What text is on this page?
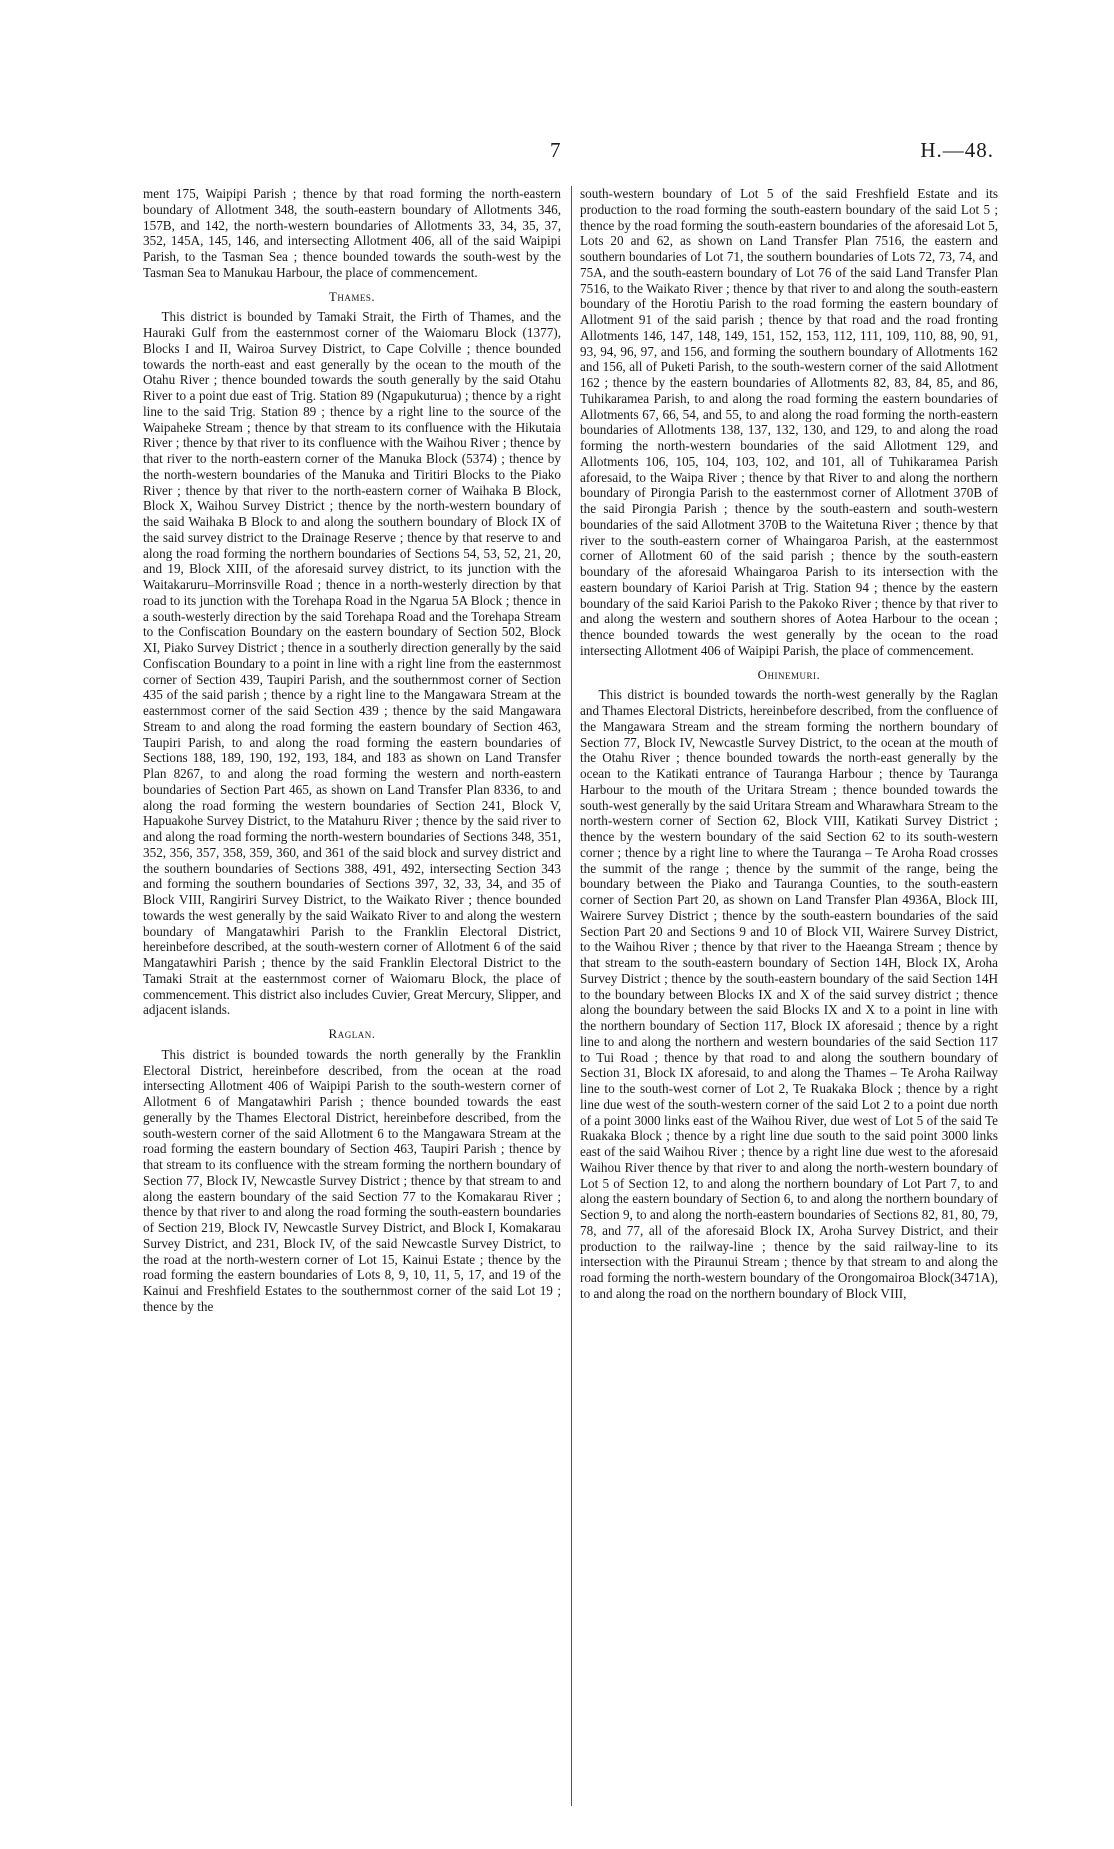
7	H.—48.

ment 175, Waipipi Parish ; thence by that road forming the north-eastern boundary of Allotment 348, the south-eastern boundary of Allotments 346, 157B, and 142, the north-western boundaries of Allotments 33, 34, 35, 37, 352, 145A, 145, 146, and intersecting Allotment 406, all of the said Waipipi Parish, to the Tasman Sea ; thence bounded towards the south-west by the Tasman Sea to Manukau Harbour, the place of commencement.

Thames.

This district is bounded by Tamaki Strait, the Firth of Thames, and the Hauraki Gulf from the easternmost corner of the Waiomaru Block (1377), Blocks I and II, Wairoa Survey District, to Cape Colville ; thence bounded towards the north-east and east generally by the ocean to the mouth of the Otahu River ; thence bounded towards the south generally by the said Otahu River to a point due east of Trig. Station 89 (Ngapukuturua) ; thence by a right line to the said Trig. Station 89 ; thence by a right line to the source of the Waipaheke Stream ; thence by that stream to its confluence with the Hikutaia River ; thence by that river to its confluence with the Waihou River ; thence by that river to the north-eastern corner of the Manuka Block (5374) ; thence by the north-western boundaries of the Manuka and Tiritiri Blocks to the Piako River ; thence by that river to the north-eastern corner of Waihaka B Block, Block X, Waihou Survey District ; thence by the north-western boundary of the said Waihaka B Block to and along the southern boundary of Block IX of the said survey district to the Drainage Reserve ; thence by that reserve to and along the road forming the northern boundaries of Sections 54, 53, 52, 21, 20, and 19, Block XIII, of the aforesaid survey district, to its junction with the Waitakaruru–Morrinsville Road ; thence in a north-westerly direction by that road to its junction with the Torehapa Road in the Ngarua 5A Block ; thence in a south-westerly direction by the said Torehapa Road and the Torehapa Stream to the Confiscation Boundary on the eastern boundary of Section 502, Block XI, Piako Survey District ; thence in a southerly direction generally by the said Confiscation Boundary to a point in line with a right line from the easternmost corner of Section 439, Taupiri Parish, and the southernmost corner of Section 435 of the said parish ; thence by a right line to the Mangawara Stream at the easternmost corner of the said Section 439 ; thence by the said Mangawara Stream to and along the road forming the eastern boundary of Section 463, Taupiri Parish, to and along the road forming the eastern boundaries of Sections 188, 189, 190, 192, 193, 184, and 183 as shown on Land Transfer Plan 8267, to and along the road forming the western and north-eastern boundaries of Section Part 465, as shown on Land Transfer Plan 8336, to and along the road forming the western boundaries of Section 241, Block V, Hapuakohe Survey District, to the Matahuru River ; thence by the said river to and along the road forming the north-western boundaries of Sections 348, 351, 352, 356, 357, 358, 359, 360, and 361 of the said block and survey district and the southern boundaries of Sections 388, 491, 492, intersecting Section 343 and forming the southern boundaries of Sections 397, 32, 33, 34, and 35 of Block VIII, Rangiriri Survey District, to the Waikato River ; thence bounded towards the west generally by the said Waikato River to and along the western boundary of Mangatawhiri Parish to the Franklin Electoral District, hereinbefore described, at the south-western corner of Allotment 6 of the said Mangatawhiri Parish ; thence by the said Franklin Electoral District to the Tamaki Strait at the easternmost corner of Waiomaru Block, the place of commencement. This district also includes Cuvier, Great Mercury, Slipper, and adjacent islands.

Raglan.

This district is bounded towards the north generally by the Franklin Electoral District, hereinbefore described, from the ocean at the road intersecting Allotment 406 of Waipipi Parish to the south-western corner of Allotment 6 of Mangatawhiri Parish ; thence bounded towards the east generally by the Thames Electoral District, hereinbefore described, from the south-western corner of the said Allotment 6 to the Mangawara Stream at the road forming the eastern boundary of Section 463, Taupiri Parish ; thence by that stream to its confluence with the stream forming the northern boundary of Section 77, Block IV, Newcastle Survey District ; thence by that stream to and along the eastern boundary of the said Section 77 to the Komakarau River ; thence by that river to and along the road forming the south-eastern boundaries of Section 219, Block IV, Newcastle Survey District, and Block I, Komakarau Survey District, and 231, Block IV, of the said Newcastle Survey District, to the road at the north-western corner of Lot 15, Kainui Estate ; thence by the road forming the eastern boundaries of Lots 8, 9, 10, 11, 5, 17, and 19 of the Kainui and Freshfield Estates to the southernmost corner of the said Lot 19 ; thence by the

south-western boundary of Lot 5 of the said Freshfield Estate and its production to the road forming the south-eastern boundary of the said Lot 5 ; thence by the road forming the south-eastern boundaries of the aforesaid Lot 5, Lots 20 and 62, as shown on Land Transfer Plan 7516, the eastern and southern boundaries of Lot 71, the southern boundaries of Lots 72, 73, 74, and 75A, and the south-eastern boundary of Lot 76 of the said Land Transfer Plan 7516, to the Waikato River ; thence by that river to and along the south-eastern boundary of the Horotiu Parish to the road forming the eastern boundary of Allotment 91 of the said parish ; thence by that road and the road fronting Allotments 146, 147, 148, 149, 151, 152, 153, 112, 111, 109, 110, 88, 90, 91, 93, 94, 96, 97, and 156, and forming the southern boundary of Allotments 162 and 156, all of Puketi Parish, to the south-western corner of the said Allotment 162 ; thence by the eastern boundaries of Allotments 82, 83, 84, 85, and 86, Tuhikaramea Parish, to and along the road forming the eastern boundaries of Allotments 67, 66, 54, and 55, to and along the road forming the north-eastern boundaries of Allotments 138, 137, 132, 130, and 129, to and along the road forming the north-western boundaries of the said Allotment 129, and Allotments 106, 105, 104, 103, 102, and 101, all of Tuhikaramea Parish aforesaid, to the Waipa River ; thence by that River to and along the northern boundary of Pirongia Parish to the easternmost corner of Allotment 370B of the said Pirongia Parish ; thence by the south-eastern and south-western boundaries of the said Allotment 370B to the Waitetuna River ; thence by that river to the south-eastern corner of Whaingaroa Parish, at the easternmost corner of Allotment 60 of the said parish ; thence by the south-eastern boundary of the aforesaid Whaingaroa Parish to its intersection with the eastern boundary of Karioi Parish at Trig. Station 94 ; thence by the eastern boundary of the said Karioi Parish to the Pakoko River ; thence by that river to and along the western and southern shores of Aotea Harbour to the ocean ; thence bounded towards the west generally by the ocean to the road intersecting Allotment 406 of Waipipi Parish, the place of commencement.

Ohinemuri.

This district is bounded towards the north-west generally by the Raglan and Thames Electoral Districts, hereinbefore described, from the confluence of the Mangawara Stream and the stream forming the northern boundary of Section 77, Block IV, Newcastle Survey District, to the ocean at the mouth of the Otahu River ; thence bounded towards the north-east generally by the ocean to the Katikati entrance of Tauranga Harbour ; thence by Tauranga Harbour to the mouth of the Uritara Stream ; thence bounded towards the south-west generally by the said Uritara Stream and Wharawhara Stream to the north-western corner of Section 62, Block VIII, Katikati Survey District ; thence by the western boundary of the said Section 62 to its south-western corner ; thence by a right line to where the Tauranga – Te Aroha Road crosses the summit of the range ; thence by the summit of the range, being the boundary between the Piako and Tauranga Counties, to the south-eastern corner of Section Part 20, as shown on Land Transfer Plan 4936A, Block III, Wairere Survey District ; thence by the south-eastern boundaries of the said Section Part 20 and Sections 9 and 10 of Block VII, Wairere Survey District, to the Waihou River ; thence by that river to the Haeanga Stream ; thence by that stream to the south-eastern boundary of Section 14H, Block IX, Aroha Survey District ; thence by the south-eastern boundary of the said Section 14H to the boundary between Blocks IX and X of the said survey district ; thence along the boundary between the said Blocks IX and X to a point in line with the northern boundary of Section 117, Block IX aforesaid ; thence by a right line to and along the northern and western boundaries of the said Section 117 to Tui Road ; thence by that road to and along the southern boundary of Section 31, Block IX aforesaid, to and along the Thames – Te Aroha Railway line to the south-west corner of Lot 2, Te Ruakaka Block ; thence by a right line due west of the south-western corner of the said Lot 2 to a point due north of a point 3000 links east of the Waihou River, due west of Lot 5 of the said Te Ruakaka Block ; thence by a right line due south to the said point 3000 links east of the said Waihou River ; thence by a right line due west to the aforesaid Waihou River thence by that river to and along the north-western boundary of Lot 5 of Section 12, to and along the northern boundary of Lot Part 7, to and along the eastern boundary of Section 6, to and along the northern boundary of Section 9, to and along the north-eastern boundaries of Sections 82, 81, 80, 79, 78, and 77, all of the aforesaid Block IX, Aroha Survey District, and their production to the railway-line ; thence by the said railway-line to its intersection with the Piraunui Stream ; thence by that stream to and along the road forming the north-western boundary of the Orongomairoa Block(3471A), to and along the road on the northern boundary of Block VIII,
